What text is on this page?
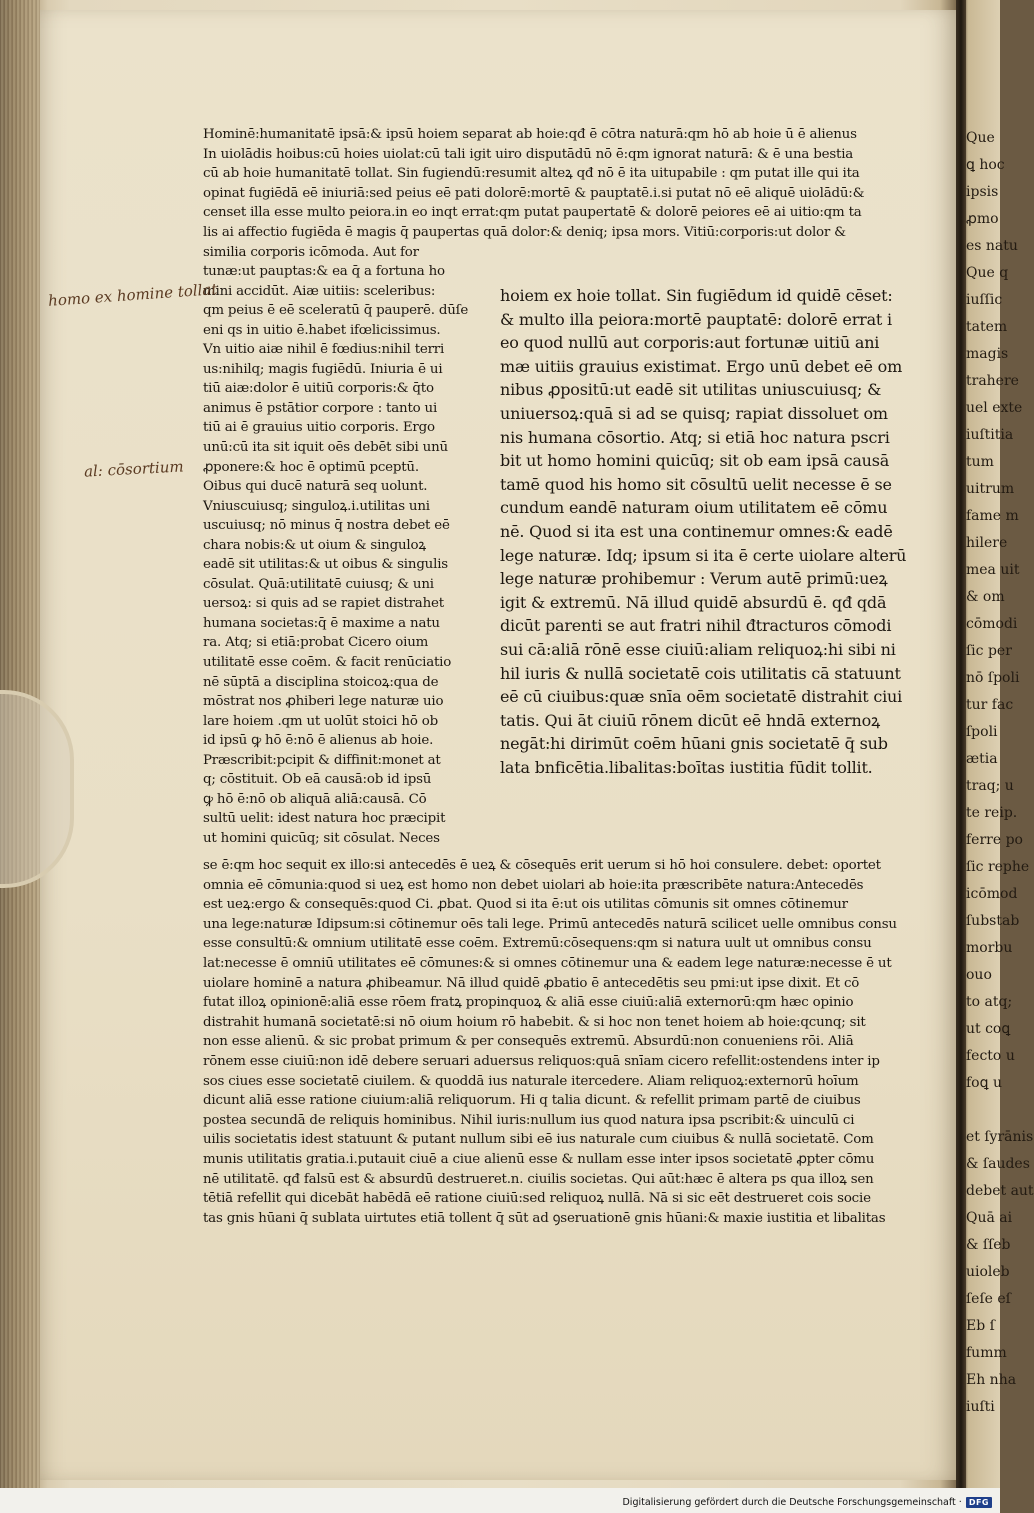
Hominē:humanitatē ipsā:& ipsū hoiem separat ab hoie:qđ ē cōtra naturā:qm hō ab hoie ū ē alienus
In uiolādis hoibus:cū hoies uiolat:cū tali igit uiro disputādū nō ē:qm ignorat naturā: & ē una bestia
cū ab hoie humanitatē tollat. Sin fugiendū:resumit alteꝝ qđ nō ē ita uitupabile : qm putat ille qui ita
opinat fugiēdā eē iniuriā:sed peius eē pati dolorē:mortē & pauptatē.i.si putat nō eē aliquē uiolādū:&
censet illa esse multo peiora.in eo inqt errat:qm putat paupertatē & dolorē peiores eē ai uitio:qm ta
lis ai affectio fugiēda ē magis q̄ paupertas quā dolor:& deniq; ipsa mors. Vitiū:corporis:ut dolor &
similia corporis icōmoda. Aut for
tunæ:ut pauptas:& ea q̄ a fortuna ho
mini accidūt. Aiæ uitiis: sceleribus:
qm peius ē eē sceleratū q̄ pauperē. dūſe
eni qs in uitio ē.habet ifœlicissimus.
Vn uitio aiæ nihil ē fœdius:nihil terri
us:nihilq; magis fugiēdū. Iniuria ē ui
tiū aiæ:dolor ē uitiū corporis:& q̄to
animus ē pstātior corpore : tanto ui
tiū ai ē grauius uitio corporis. Ergo
unū:cū ita sit iquit oēs debēt sibi unū
ꝓponere:& hoc ē optimū pceptū.
Oibus qui ducē naturā seq uolunt.
Vniuscuiusq; singuloꝝ.i.utilitas uni
uscuiusq; nō minus q̄ nostra debet eē
chara nobis:& ut oium & singuloꝝ
eadē sit utilitas:& ut oibus & singulis
cōsulat. Quā:utilitatē cuiusq; & uni
uersoꝝ: si quis ad se rapiet distrahet
humana societas:q̄ ē maxime a natu
ra. Atq; si etiā:probat Cicero oium
utilitatē esse coēm. & facit renūciatio
nē sūptā a disciplina stoicoꝝ:qua de
mōstrat nos ꝓhiberi lege naturæ uio
lare hoiem .qm ut uolūt stoici hō ob
id ipsū ꝙ hō ē:nō ē alienus ab hoie.
Præscribit:pcipit & diffinit:monet at
q; cōstituit. Ob eā causā:ob id ipsū
ꝙ hō ē:nō ob aliquā aliā:causā. Cō
sultū uelit: idest natura hoc præcipit
ut homini quicūq; sit cōsulat. Neces
hoiem ex hoie tollat. Sin fugiēdum id quidē cēset:
& multo illa peiora:mortē pauptatē: dolorē errat i
eo quod nullū aut corporis:aut fortunæ uitiū ani
mæ uitiis grauius existimat. Ergo unū debet eē om
nibus ꝓpositū:ut eadē sit utilitas uniuscuiusq; &
uniuersoꝝ:quā si ad se quisq; rapiat dissoluet om
nis humana cōsortio. Atq; si etiā hoc natura pscri
bit ut homo homini quicūq; sit ob eam ipsā causā
tamē quod his homo sit cōsultū uelit necesse ē se
cundum eandē naturam oium utilitatem eē cōmu
nē. Quod si ita est una continemur omnes:& eadē
lege naturæ. Idq; ipsum si ita ē certe uiolare alterū
lege naturæ prohibemur : Verum autē primū:ueꝝ
igit & extremū. Nā illud quidē absurdū ē. qđ qdā
dicūt parenti se aut fratri nihil đtracturos cōmodi
sui cā:aliā rōnē esse ciuiū:aliam reliquoꝝ:hi sibi ni
hil iuris & nullā societatē cois utilitatis cā statuunt
eē cū ciuibus:quæ snīa oēm societatē distrahit ciui
tatis. Qui āt ciuiū rōnem dicūt eē hndā externoꝝ
negāt:hi dirimūt coēm hūani gnis societatē q̄ sub
lata bnficētia.libalitas:boītas iustitia fūdit tollit.
se ē:qm hoc sequit ex illo:si antecedēs ē ueꝝ & cōsequēs erit uerum si hō hoi consulere. debet: oportet
omnia eē cōmunia:quod si ueꝝ est homo non debet uiolari ab hoie:ita præscribēte natura:Antecedēs
est ueꝝ:ergo & consequēs:quod Ci. ꝓbat. Quod si ita ē:ut ois utilitas cōmunis sit omnes cōtinemur
una lege:naturæ Idipsum:si cōtinemur oēs tali lege. Primū antecedēs naturā scilicet uelle omnibus consu
esse consultū:& omnium utilitatē esse coēm. Extremū:cōsequens:qm si natura uult ut omnibus consu
lat:necesse ē omniū utilitates eē cōmunes:& si omnes cōtinemur una & eadem lege naturæ:necesse ē ut
uiolare hominē a natura ꝓhibeamur. Nā illud quidē ꝓbatio ē antecedētis seu pmi:ut ipse dixit. Et cō
futat illoꝝ opinionē:aliā esse rōem fratꝝ propinquoꝝ & aliā esse ciuiū:aliā externorū:qm hæc opinio
distrahit humanā societatē:si nō oium hoium rō habebit. & si hoc non tenet hoiem ab hoie:qcunq; sit
non esse alienū. & sic probat primum & per consequēs extremū. Absurdū:non conueniens rōi. Aliā
rōnem esse ciuiū:non idē debere seruari aduersus reliquos:quā snīam cicero refellit:ostendens inter ip
sos ciues esse societatē ciuilem. & quoddā ius naturale itercedere. Aliam reliquoꝝ:externorū hoīum
dicunt aliā esse ratione ciuium:aliā reliquorum. Hi q talia dicunt. & refellit primam partē de ciuibus
postea secundā de reliquis hominibus. Nihil iuris:nullum ius quod natura ipsa pscribit:& uinculū ci
uilis societatis idest statuunt & putant nullum sibi eē ius naturale cum ciuibus & nullā societatē. Com
munis utilitatis gratia.i.putauit ciuē a ciue alienū esse & nullam esse inter ipsos societatē ꝓpter cōmu
nē utilitatē. qđ falsū est & absurdū destrueret.n. ciuilis societas. Qui aūt:hæc ē altera ps qua illoꝝ sen
tētiā refellit qui dicebāt habēdā eē ratione ciuiū:sed reliquoꝝ nullā. Nā si sic eēt destrueret cois socie
tas gnis hūani q̄ sublata uirtutes etiā tollent q̄ sūt ad ꝯseruationē gnis hūani:& maxie iustitia et libalitas
homo ex homine tollat
al: cōsortium
Que
ꝗ hoc
ipsis
ꝓmo
es natu
Que q
iuſſic
tatem
magis
trahere
uel exte
iuſtitia
tum
uitrum
fame m
hilere
mea uit
& om
cōmodi
ſic per
nō ſpoli
tur fac
ſpoli
ætia
traq; u
te reip.
ferre po
ſic rephe
icōmod
ſubstab
morbu
ouo
to atq;
ut coꝗ
fecto u
foꝗ u
et ſyrānis
& ſaudes
debet aut
Quā ai
& ſſeb
uioleb
ſeſe eſ
Eb ſ
fumm
Eh nha
iuſti
Digitalisierung gefördert durch die Deutsche Forschungsgemeinschaft · DFG
